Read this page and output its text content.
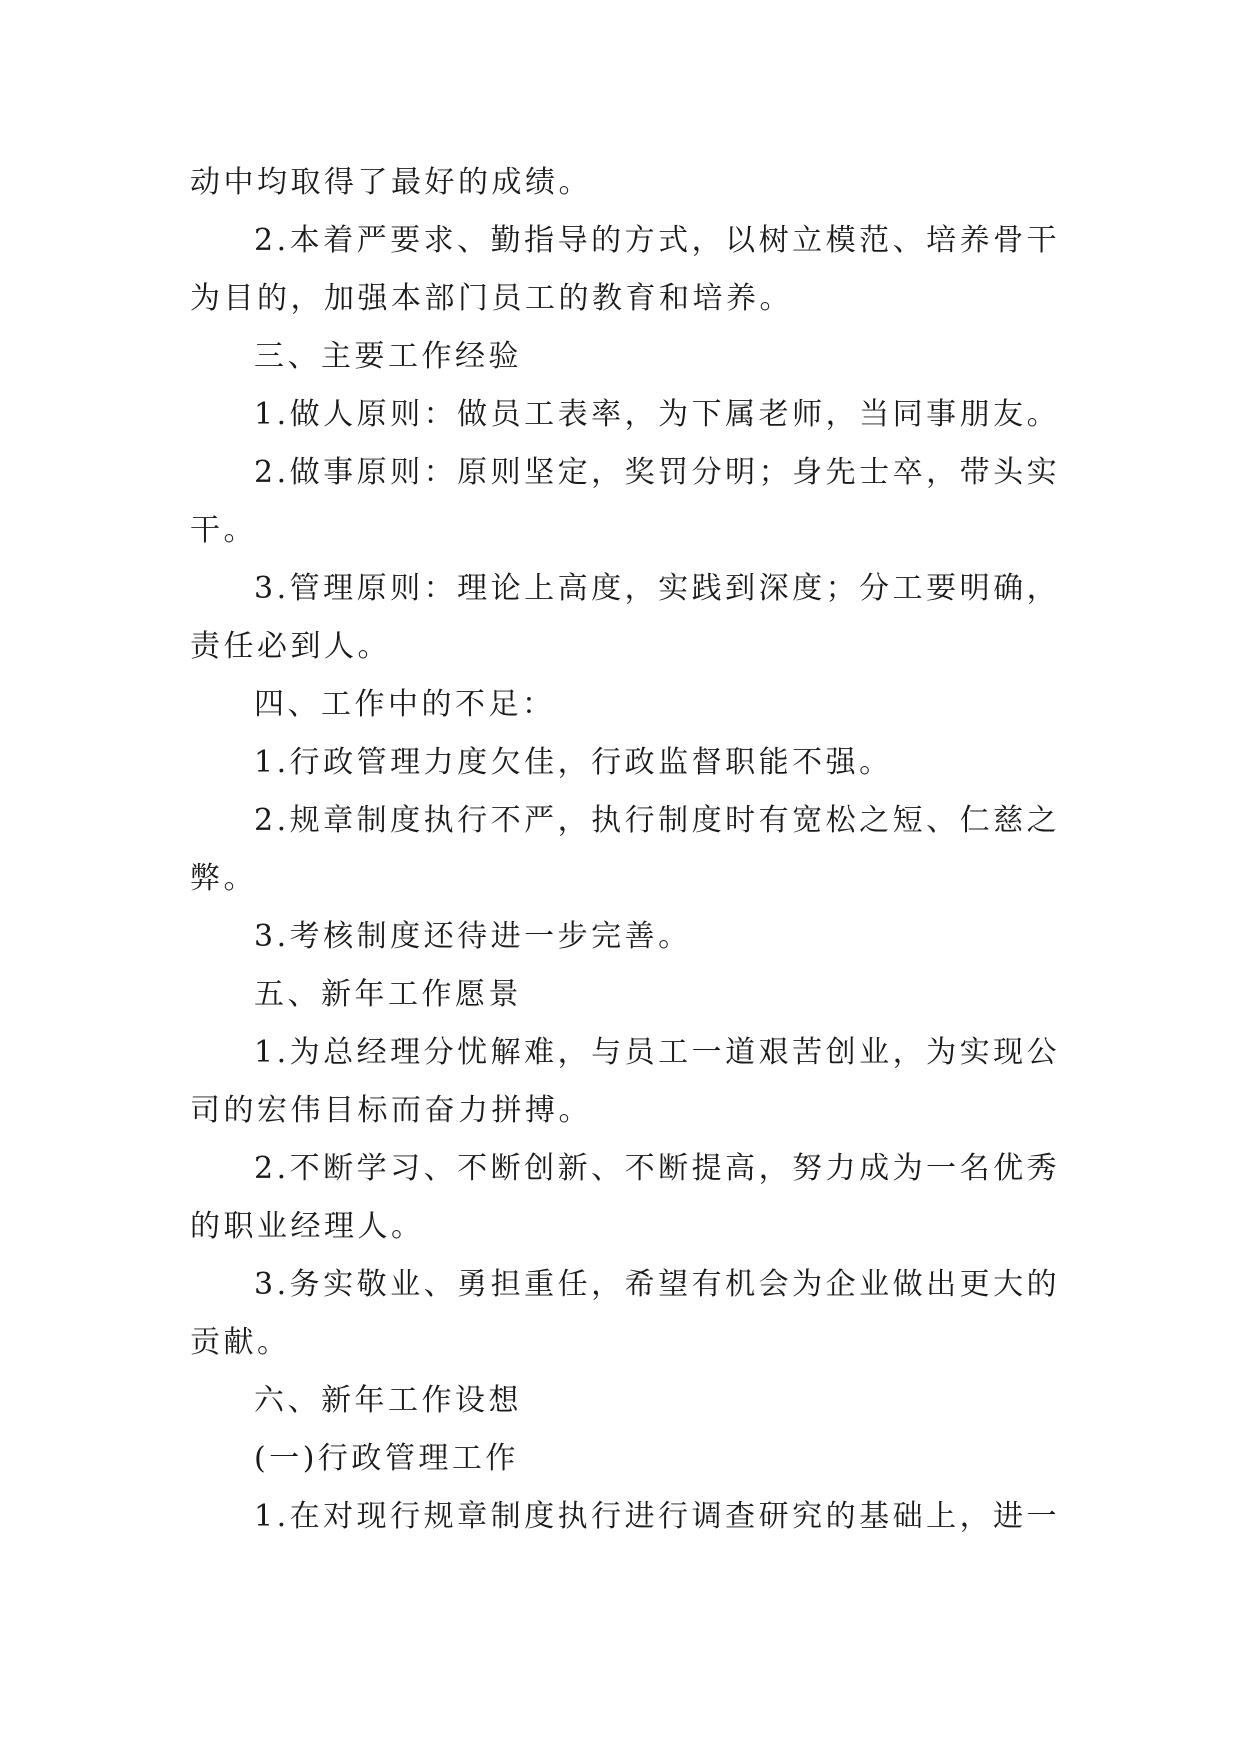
动中均取得了最好的成绩。
2.本着严要求、勤指导的方式，以树立模范、培养骨干
为目的，加强本部门员工的教育和培养。
三、主要工作经验
1.做人原则：做员工表率，为下属老师，当同事朋友。
2.做事原则：原则坚定，奖罚分明；身先士卒，带头实
干。
3.管理原则：理论上高度，实践到深度；分工要明确，
责任必到人。
四、工作中的不足：
1.行政管理力度欠佳，行政监督职能不强。
2.规章制度执行不严，执行制度时有宽松之短、仁慈之
弊。
3.考核制度还待进一步完善。
五、新年工作愿景
1.为总经理分忧解难，与员工一道艰苦创业，为实现公
司的宏伟目标而奋力拼搏。
2.不断学习、不断创新、不断提高，努力成为一名优秀
的职业经理人。
3.务实敬业、勇担重任，希望有机会为企业做出更大的
贡献。
六、新年工作设想
(一)行政管理工作
1.在对现行规章制度执行进行调查研究的基础上，进一
